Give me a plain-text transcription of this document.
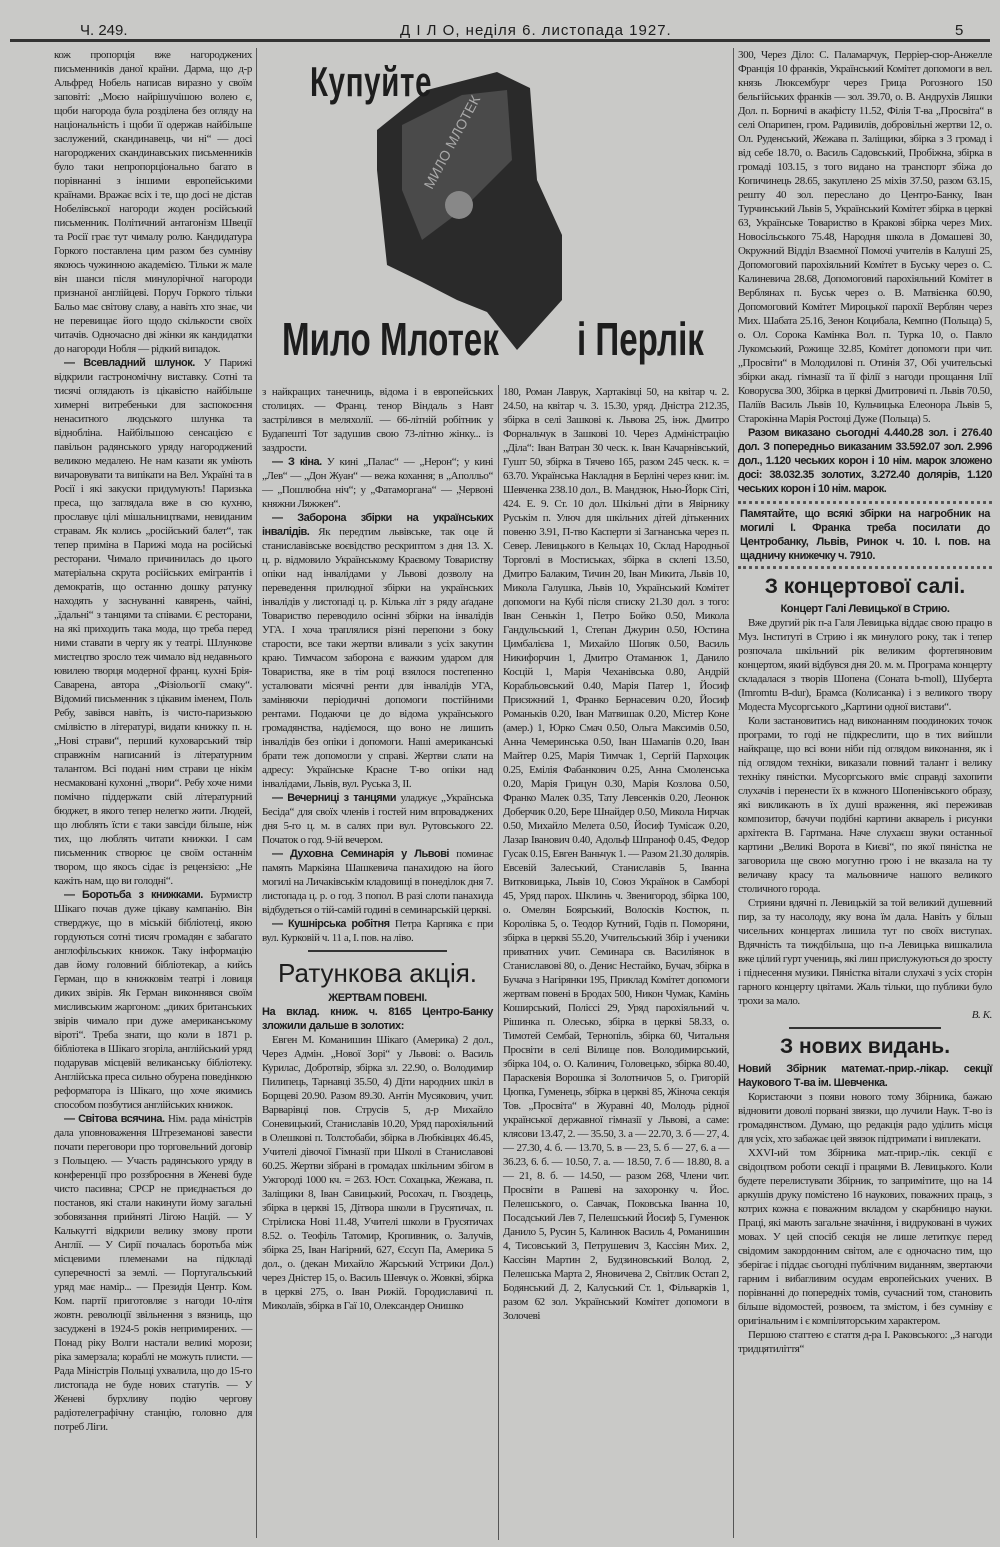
Ч. 249.	Д І Л О, неділя 6. листопада 1927.	5

кож пропорція вже нагороджених письменників даної країни. Дарма, що д-р Альфред Нобель написав виразно у своїм заповіті: „Моєю найрішучішою волею є, щоби нагорода була розділена без огляду на національність і щоби її одержав найбільше заслужений, скандинавець, чи ні“ — досі нагороджених скандинавських письменників було таки непропорціонально багато в порівнанні з іншими европейськими країнами. Вражає всіх і те, що досі не дістав Нобелівської нагороди жоден російський письменник. Політичний антагонізм Швеції та Росії грає тут чималу ролю. Кандидатура Горкого поставлена цим разом без сумніву якоюсь чужинною академією. Тільки ж мале він шанси після минулорічної нагороди признаної англійцеві. Поруч Горкого тільки Бальо має світову славу, а навіть хто знає, чи не перевищає його щодо скількости своїх читачів. Одночасно дві жінки як кандидатки до нагороди Нобля — рідкий випадок.

— Всевладний шлунок. У Парижі відкрили гастрономічну виставку. Сотні та тисячі оглядають із цікавістю найбільше химерні витребеньки для заспокоєння ненаситного людського шлунка та віднобліна. Найбільшою сенсацією є павільон радянського уряду нагороджений великою медалею. Не нам казати як уміють вичаровувати та випікати на Вел. Україні та в Росії і які закуски придумують! Паризька преса, що заглядала вже в сю кухню, прославує цілі мішальництвами, невиданим стравам. Як колись „російський балет“, так тепер приміна в Парижі мода на російські ресторани. Чимало причинилась до цього матеріальна скрута російських емігрантів і демократів, що останню дошку ратунку находять у заснуванні кавярень, чайні, „їдальні“ з танцями та співами. Є ресторани, на які приходить така мода, що треба перед ними ставати в чергу як у театрі. Шлункове мистецтво зросло теж чимало від недавнього ювилею творця модерної франц. кухні Брія-Саварена, автора „Фізіольогії смаку“. Відомий письменник з цікавим іменем, Поль Ребу, завівся навіть, із чисто-паризькою смілвістю в літературі, видати книжку п. н. „Нові страви“, перший куховарський твір справжнім написаний із літературним талантом. Всі подані ним страви це нікім несмаковані кухонні „твори“. Ребу хоче ними помічно піддержати свій літературний бюджет, в якого тепер нелегко жити. Людей, що люблять їсти є таки завсіди більше, ніж тих, що люблять читати книжки. І сам письменник створює це своїм останнім твором, що якось сідає із рецензією: „Не кажіть нам, що ви голодні“.

— Боротьба з книжками. Бурмистр Шікаго почав дуже цікаву кампанію. Він стверджує, що в міській бібліотеці, якою гордуються сотні тисяч громадян є забагато англофільських книжок. Таку інформацію дав йому головний бібліотекар, а кийсь Герман, що в книжковім театрі і ловиця диких звірів. Як Герман виконнявся своїм мисливським жаргоном: „диких британських звірів чимало при дуже американському віроті“. Треба знати, що коли в 1871 р. бібліотека в Шікаго згоріла, англійський уряд подарував місцевій великанську бібліотеку. Англійська преса сильно обурена поведінкою реформатора із Шікаго, що хоче якимись способом позбутися англійських книжок.

— Світова всячина. Нім. рада міністрів дала уповноваження Штреземанові завести почати переговори про торговельний договір з Польщею. — Участь радянського уряду в конференції про роззброєння в Женеві буде чисто пасивна; СРСР не приєднається до постанов, які стали накинути йому загальні зобовязання прийняті Лігою Націй. — У Калькутті відкрили велику змову проти Англії. — У Сирії почалась боротьба між місцевими племенами на підкладі суперечності за землі. — Португальський уряд має намір... — Президія Центр. Ком. Ком. партії приготовляє з нагоди 10-літя жовтн. революції звільнення з вязниць, що засуджені в 1924-5 років непримирених. — Понад ріку Волги настали великі морози; ріка замерзала; кораблі не можуть плисти. — Рада Міністрів Польщі ухвалила, що до 15-го листопада не буде нових статутів. — У Женеві бурхливу подію чергову радіотелеграфічну станцію, головно для потреб Ліги.

МИЛО МЛОТЕК
Купуйте
Мило Млотек і Перлік

з найкращих танечниць, відома і в европейських столицях. — Франц. тенор Віндаль з Навт застрілився в меляхолії. — 66-літній робітник у Будапешті Тот задушив свою 73-літню жінку... із заздрости.

— З кіна. У кині „Палас“ — „Нерон“; у кині „Лев“ — „Дон Жуан“ — вежа кохання; в „Аполльо“ — „Пошлюбна ніч“; у „Фатаморгана“ — „Червоні княжни Ляжжен“.

— Заборона збірки на українських інвалідів. Як передтим львівське, так оце й станиславівське воєвідство рескриптом з дня 13. Х. ц. р. відмовило Українському Краєвому Товариству опіки над інвалідами у Львові дозволу на переведення прилюдної збірки на українських інвалідів у листопаді ц. р. Кілька літ з ряду аґадане Товариство переводило осінні збірки на інвалідів УГА. І хоча траплялися різні перепони з боку старости, все таки жертви вливали з усіх закутин краю. Тимчасом заборона є важким ударом для Товариства, яке в тім році взялося постепенно усталювати місячні ренти для інвалідів УГА, заміняючи періодичні допомоги постійними рентами. Подаючи це до відома українського громадянства, надіємося, що воно не лишить інвалідів без опіки і допомоги. Наші американські брати теж допомогли у справі. Жертви слати на адресу: Українське Красне Т-во опіки над інвалідами, Львів, вул. Руська 3, II.

— Вечерниці з танцями уладжує „Українська Бесіда“ для своїх членів і гостей ним впроваджених дня 5-го ц. м. в салях при вул. Рутовського 22. Початок о год. 9-ій вечером.

— Духовна Семинарія у Львові поминає память Маркіяна Шашкевича панахидою на його могилі на Личаківськім кладовищі в понеділок дня 7. листопада ц. р. о год. 3 попол. В разі слоти панахида відбудеться о тій-самій годині в семинарській церкві.

— Кушнірська робітня Петра Карпяка є при вул. Курковій ч. 11 а, І. пов. на ліво.

Ратункова акція.
ЖЕРТВАМ ПОВЕНІ.
На вклад. книж. ч. 8165 Центро-Банку зложили дальше в золотих:

Евген М. Команишин Шікаго (Америка) 2 дол., Через Адмін. „Нової Зорі“ у Львові: о. Василь Курилас, Добротвір, збірка зл. 22.90, о. Володимир Пилипець, Тарнавці 35.50, 4) Діти народних шкіл в Борщеві 20.90. Разом 89.30. Антін Мусякович, учит. Варварівці пов. Струсів 5, д-р Михайло Соневицький, Станиславів 10.20, Уряд парохіяльний в Олешкові п. Толстобаби, збірка в Любківцях 46.45, Учителі дівочої Гімназії при Школі в Станиславові 60.25. Жертви зібрані в громадах шкільним збігом в Ужгороді 1000 кч. = 263. Юст. Сохацька, Жежава, п. Заліщики 8, Іван Савицький, Росохач, п. Гвоздець, збірка в церкві 15, Дітвора школи в Грусятичах, п. Стрілиска Нові 11.48, Учителі школи в Грусятичах 8.52. о. Теофіль Татомир, Кропивник, о. Залучів, збірка 25, Іван Нагірний, 627, Єссуп Па, Америка 5 дол., о. (декан Михайло Жарський Устрики Дол.) через Дністер 15, о. Василь Шевчук о. Жовкві, збірка в церкві 275, о. Іван Рижій. Городиславичі п. Миколаїв, збірка в Гаї 10, Олександер Онишко

180, Роман Лаврук, Хартаківці 50, на квітар ч. 2. 24.50, на квітар ч. 3. 15.30, уряд. Дністра 212.35, збірка в селі Зашкові к. Львова 25, інж. Дмитро Форнальчук в Зашкові 10. Через Адміністрацію „Діла“: Іван Ватран 30 ческ. к. Іван Качарнівський, Гушт 50, збірка в Тячево 165, разом 245 ческ. к. = 63.70. Українська Накладня в Берліні через книг. ім. Шевченка 238.10 дол., В. Мандзюк, Нью-Йорк Сіті, 424. Е. 9. Ст. 10 дол. Шкільні діти в Явірнику Руськім п. Улюч для шкільних дітей дітькенних повеню 3.91, П-тво Касперти зі Загнанська через п. Север. Левицького в Кельцах 10, Склад Народньої Торговлі в Мостиськах, збірка в склепі 13.50, Дмитро Балаким, Тичин 20, Іван Микита, Львів 10, Микола Галушка, Львів 10, Український Комітет допомоги на Кубі після списку 21.30 дол. з того: Іван Сенькін 1, Петро Бойко 0.50, Микола Гандульський 1, Степан Джурин 0.50, Юстина Цимбалієва 1, Михайло Шопяк 0.50, Василь Никифорчин 1, Дмитро Отаманюк 1, Данило Косцій 1, Марія Чеханівська 0.80, Андрій Корабльовський 0.40, Марія Патер 1, Йосиф Присяжний 1, Франко Бернасевич 0.20, Йосиф Романьків 0.20, Іван Матвишак 0.20, Містер Коне (амер.) 1, Юрко Смач 0.50, Ольга Максимів 0.50, Анна Чемеринська 0.50, Іван Шамапів 0.20, Іван Майтер 0.25, Марія Тимчак 1, Сергій Пархоцик 0.25, Емілія Фабанкович 0.25, Анна Смоленська 0.20, Марія Грицун 0.30, Марія Козлова 0.50, Франко Малек 0.35, Тату Левсенків 0.20, Леонюк Доберчик 0.20, Бере Шнайдер 0.50, Микола Нирчак 0.50, Михайло Мелета 0.50, Йосиф Тумісаж 0.20, Лазар Іванович 0.40, Адольф Шпраноф 0.45, Федор Гусак 0.15, Евген Ваньчук 1. — Разом 21.30 долярів. Евсевій Залеський, Станиславів 5, Іванна Витковицька, Львів 10, Союз Українок в Самборі 45, Уряд парох. Шклинь ч. Звенигород, збірка 100, о. Омелян Боярський, Волосків Костюк, п. Королівка 5, о. Теодор Кутний, Годів п. Поморяни, збірка в церкві 55.20, Учительський Збір і ученики приватних учит. Семинара св. Василіянок в Станиславові 80, о. Денис Нестайко, Бучач, збірка в Бучача з Нагірянки 195, Приклад Комітет допомоги жертвам повені в Бродах 500, Никон Чумак, Камінь Коширський, Поліссі 29, Уряд парохіяльний ч. Рішинка п. Олесько, збірка в церкві 58.33, о. Тимотей Сембай, Тернопіль, збірка 60, Читальня Просвіти в селі Вілище пов. Володимирський, збірка 104, о. О. Калинич, Головецько, збірка 80.40, Параскевія Ворошка зі Золотничов 5, о. Григорій Цюпка, Гуменець, збірка в церкві 85, Жіноча секція Тов. „Просвіта“ в Журавні 40, Молодь рідної української державної гімназії у Львові, а саме: клясови 13.47, 2. — 35.50, 3. а — 22.70, 3. б — 27, 4. — 27.30, 4. б. — 13.70, 5. в — 23, 5. б — 27, 6. а — 36.23, 6. б. — 10.50, 7. а. — 18.50, 7. б — 18.80, 8. а — 21, 8. б. — 14.50, — разом 268, Члени чит. Просвіти в Рашеві на захоронку ч. Йос. Пелешського, о. Савчак, Поковська Іванна 10, Посадський Лев 7, Пелешський Йосиф 5, Гуменюк Данило 5, Русин 5, Калинюк Василь 4, Романишин 4, Тисовський 3, Петрушевич 3, Кассіян Мих. 2, Кассіян Мартин 2, Будзиновський Волод. 2, Пелешська Марта 2, Яновичева 2, Світлик Остап 2, Бодянський Д. 2, Калуський Ст. 1, Фільварків 1, разом 62 зол. Український Комітет допомоги в Золочеві

300, Через Діло: С. Паламарчук, Перріер-сюр-Анжелле Франція 10 франків, Український Комітет допомоги в вел. князь Люксембург через Грица Рогозного 150 бельгійських франків — зол. 39.70, о. В. Андрухів Ляшки Дол. п. Борничі в акафісту 11.52, Філія Т-ва „Просвіта“ в селі Опарипен, гром. Радивилів, добровільні жертви 12, о. Ол. Руденський, Жежава п. Заліщики, збірка з 3 громад і від себе 18.70, о. Василь Садовський, Пробіжна, збірка в громаді 103.15, з того видано на транспорт збіжа до Копичинець 28.65, закуплено 25 міхів 37.50, разом 63.15, решту 40 зол. переслано до Центро-Банку, Іван Турчинський Львів 5, Український Комітет збірка в церкві 63, Українське Товариство в Кракові збірка через Мих. Новосільського 75.48, Народня школа в Домашеві 30, Окружний Відділ Взаємної Помочі учителів в Калуші 25, Допомоговий парохіяльний Комітет в Буську через о. С. Калиневича 28.68, Допомоговий парохіяльний Комітет в Верблянах п. Буськ через о. В. Матвієнка 60.90, Допомоговий Комітет Мироцької парохії Верблян через Мих. Шабата 25.16, Зенон Коцибала, Кемпно (Польща) 5, о. Ол. Сорока Камінка Вол. п. Турка 10, о. Павло Лукомський, Рожище 32.85, Комітет допомоги при чит. „Просвіти“ в Молодилові п. Отинія 37, Обі учительські збірки акад. гімназії та її філії з нагоди прощання Ілії Коворусва 300, Збірка в церкві Дмитровичі п. Львів 70.50, Паліїв Василь Львів 10, Кульчицька Елеонора Львів 5, Старокінна Марія Ростоці Дуже (Польща) 5.

Разом виказано сьогодні 4.440.28 зол. і 276.40 дол. З попередньо виказаним 33.592.07 зол. 2.996 дол., 1.120 чеських корон і 10 нім. марок зложено досі: 38.032.35 золотих, 3.272.40 долярів, 1.120 чеських корон і 10 нім. марок.

Памятайте, що всякі збірки на нагробник на могилі І. Франка треба посилати до Центробанку, Львів, Ринок ч. 10. І. пов. на щадничу книжечку ч. 7910.
З концертової салі.
Концерт Галі Левицької в Стрию.

Вже другий рік п-а Галя Левицька віддає свою працю в Муз. Інституті в Стрию і як минулого року, так і тепер розпочала шкільний рік великим фортепяновим концертом, який відбувся дня 20. м. м. Програма концерту складалася з творів Шопена (Соната b-moll), Шуберта (Imromtu B-dur), Брамса (Колисанка) і з великого твору Модеста Мусоргського „Картини одної вистави“.

Коли застановитись над виконанням поодиноких точок програми, то годі не підкреслити, що в тих вийшли найкраще, що всі вони ніби під оглядом виконання, як і під оглядом техніки, виказали повний талант і велику техніку пяністки. Мусоргського вміє справді захопити слухачів і перенести їх в кожного Шопенівського образу, які викликають в їх душі враження, які переживав композитор, бачучи подібні картини акварель і рисунки архітекта В. Гартмана. Наче слухаєш звуки останньої картини „Великі Ворота в Києві“, по якої пяністка не заговорила ще свою могутню грою і не вказала на ту величаву красу та мальовниче нашого великого столичного города.

Стрияни вдячні п. Левицькій за той великий душевний пир, за ту насолоду, яку вона їм дала. Навіть у більш чисельних концертах лишила тут по своїх виступах. Вдячність та тиждбільша, що п-а Левицька вишкалила вже цілий гурт учениць, які лиш прислужуються до зросту і піднесення музики. Пяністка вітали слухачі з усіх сторін гарного концерту цвітами. Жаль тільки, що публики було трохи за мало.

В. К.
З нових видань.
Новий Збірник математ.-прир.-лікар. секції Наукового Т-ва ім. Шевченка.

Користаючи з появи нового тому Збірника, бажаю відновити доволі порвані звязки, що лучили Наук. Т-во із громадянством. Думаю, що редакція радо уділить місця для усіх, хто забажає цей звязок підтримати і виплекати.

XXVI-ий том Збірника мат.-прир.-лік. секції є свідоцтвом роботи секції і працями В. Левицького. Коли будете перелистувати Збірник, то запримітите, що на 14 аркушів друку помістено 16 наукових, поважних праць, з котрих кожна є поважним вкладом у скарбницю науки. Праці, які мають загальне значіння, і видруковані в чужих мовах. У цей спосіб секція не лише летиткує перед свідомим закордонним світом, але є одночасно тим, що зберігає і піддає сьогодні публічним виданням, звертаючи гарним і вибагливим осудам европейських учених. В порівнанні до попередніх томів, сучасний том, становить більше відомостей, розвоєм, та змістом, і без сумніву є оригінальним і є компіляторським характером.

Першою статтею є стаття д-ра І. Раковського: „З нагоди тридцятиліття“
